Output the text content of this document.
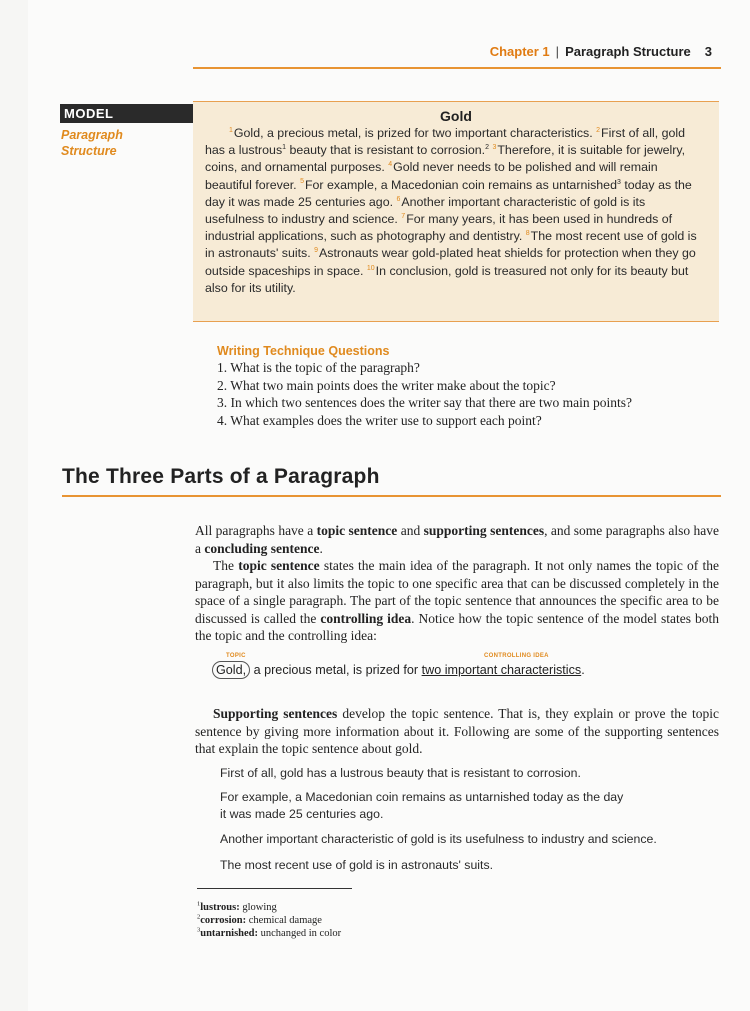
Chapter 1 | Paragraph Structure 3
MODEL
Paragraph
Structure
Gold

$^1$Gold, a precious metal, is prized for two important characteristics. $^2$First of all, gold has a lustrous$^1$ beauty that is resistant to corrosion.$^2$ $^3$Therefore, it is suitable for jewelry, coins, and ornamental purposes. $^4$Gold never needs to be polished and will remain beautiful forever. $^5$For example, a Macedonian coin remains as untarnished$^3$ today as the day it was made 25 centuries ago. $^6$Another important characteristic of gold is its usefulness to industry and science. $^7$For many years, it has been used in hundreds of industrial applications, such as photography and dentistry. $^8$The most recent use of gold is in astronauts' suits. $^9$Astronauts wear gold-plated heat shields for protection when they go outside spaceships in space. $^{10}$In conclusion, gold is treasured not only for its beauty but also for its utility.

Writing Technique Questions
1. What is the topic of the paragraph?
2. What two main points does the writer make about the topic?
3. In which two sentences does the writer say that there are two main points?
4. What examples does the writer use to support each point?
The Three Parts of a Paragraph

All paragraphs have a topic sentence and supporting sentences, and some paragraphs also have a concluding sentence.

The topic sentence states the main idea of the paragraph. It not only names the topic of the paragraph, but it also limits the topic to one specific area that can be discussed completely in the space of a single paragraph. The part of the topic sentence that announces the specific area to be discussed is called the controlling idea. Notice how the topic sentence of the model states both the topic and the controlling idea:

TOPIC	CONTROLLING IDEA
Gold, a precious metal, is prized for two important characteristics.

Supporting sentences develop the topic sentence. That is, they explain or prove the topic sentence by giving more information about it. Following are some of the supporting sentences that explain the topic sentence about gold.

First of all, gold has a lustrous beauty that is resistant to corrosion.

For example, a Macedonian coin remains as untarnished today as the day
it was made 25 centuries ago.

Another important characteristic of gold is its usefulness to industry and science.

The most recent use of gold is in astronauts' suits.

$^1$lustrous: glowing
$^2$corrosion: chemical damage
$^3$untarnished: unchanged in color
